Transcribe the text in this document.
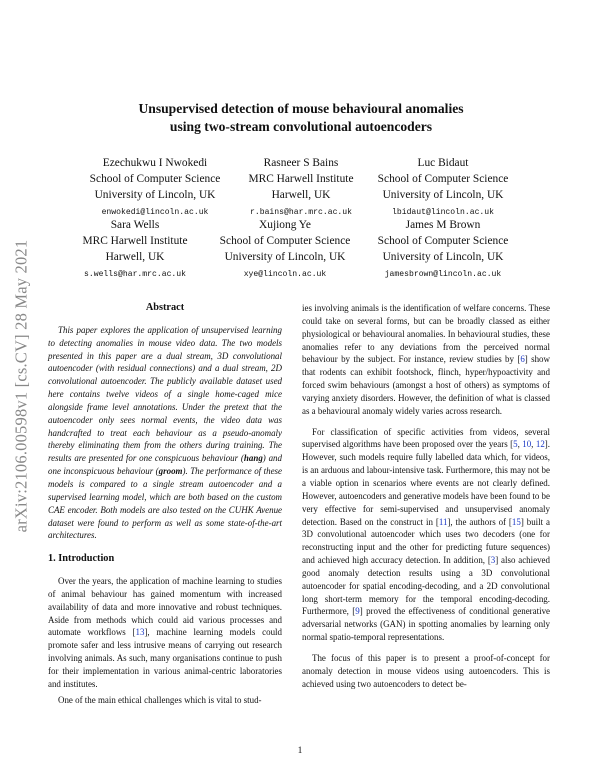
arXiv:2106.00598v1 [cs.CV] 28 May 2021
Unsupervised detection of mouse behavioural anomalies
using two-stream convolutional autoencoders
Ezechukwu I Nwokedi
School of Computer Science
University of Lincoln, UK
enwokedi@lincoln.ac.uk
Rasneer S Bains
MRC Harwell Institute
Harwell, UK
r.bains@har.mrc.ac.uk
Luc Bidaut
School of Computer Science
University of Lincoln, UK
lbidaut@lincoln.ac.uk
Sara Wells
MRC Harwell Institute
Harwell, UK
s.wells@har.mrc.ac.uk
Xujiong Ye
School of Computer Science
University of Lincoln, UK
xye@lincoln.ac.uk
James M Brown
School of Computer Science
University of Lincoln, UK
jamesbrown@lincoln.ac.uk
Abstract

This paper explores the application of unsupervised learning to detecting anomalies in mouse video data. The two models presented in this paper are a dual stream, 3D convolutional autoencoder (with residual connections) and a dual stream, 2D convolutional autoencoder. The publicly available dataset used here contains twelve videos of a single home-caged mice alongside frame level annotations. Under the pretext that the autoencoder only sees normal events, the video data was handcrafted to treat each behaviour as a pseudo-anomaly thereby eliminating them from the others during training. The results are presented for one conspicuous behaviour (hang) and one inconspicuous behaviour (groom). The performance of these models is compared to a single stream autoencoder and a supervised learning model, which are both based on the custom CAE encoder. Both models are also tested on the CUHK Avenue dataset were found to perform as well as some state-of-the-art architectures.

1. Introduction

Over the years, the application of machine learning to studies of animal behaviour has gained momentum with increased availability of data and more innovative and robust techniques. Aside from methods which could aid various processes and automate workflows [13], machine learning models could promote safer and less intrusive means of carrying out research involving animals. As such, many organisations continue to push for their implementation in various animal-centric laboratories and institutes.

One of the main ethical challenges which is vital to stud-

ies involving animals is the identification of welfare concerns. These could take on several forms, but can be broadly classed as either physiological or behavioural anomalies. In behavioural studies, these anomalies refer to any deviations from the perceived normal behaviour by the subject. For instance, review studies by [6] show that rodents can exhibit footshock, flinch, hyper/hypoactivity and forced swim behaviours (amongst a host of others) as symptoms of varying anxiety disorders. However, the definition of what is classed as a behavioural anomaly widely varies across research.

For classification of specific activities from videos, several supervised algorithms have been proposed over the years [5, 10, 12]. However, such models require fully labelled data which, for videos, is an arduous and labour-intensive task. Furthermore, this may not be a viable option in scenarios where events are not clearly defined. However, autoencoders and generative models have been found to be very effective for semi-supervised and unsupervised anomaly detection. Based on the construct in [11], the authors of [15] built a 3D convolutional autoencoder which uses two decoders (one for reconstructing input and the other for predicting future sequences) and achieved high accuracy detection. In addition, [3] also achieved good anomaly detection results using a 3D convolutional autoencoder for spatial encoding-decoding, and a 2D convolutional long short-term memory for the temporal encoding-decoding. Furthermore, [9] proved the effectiveness of conditional generative adversarial networks (GAN) in spotting anomalies by learning only normal spatio-temporal representations.

The focus of this paper is to present a proof-of-concept for anomaly detection in mouse videos using autoencoders. This is achieved using two autoencoders to detect be-

1
